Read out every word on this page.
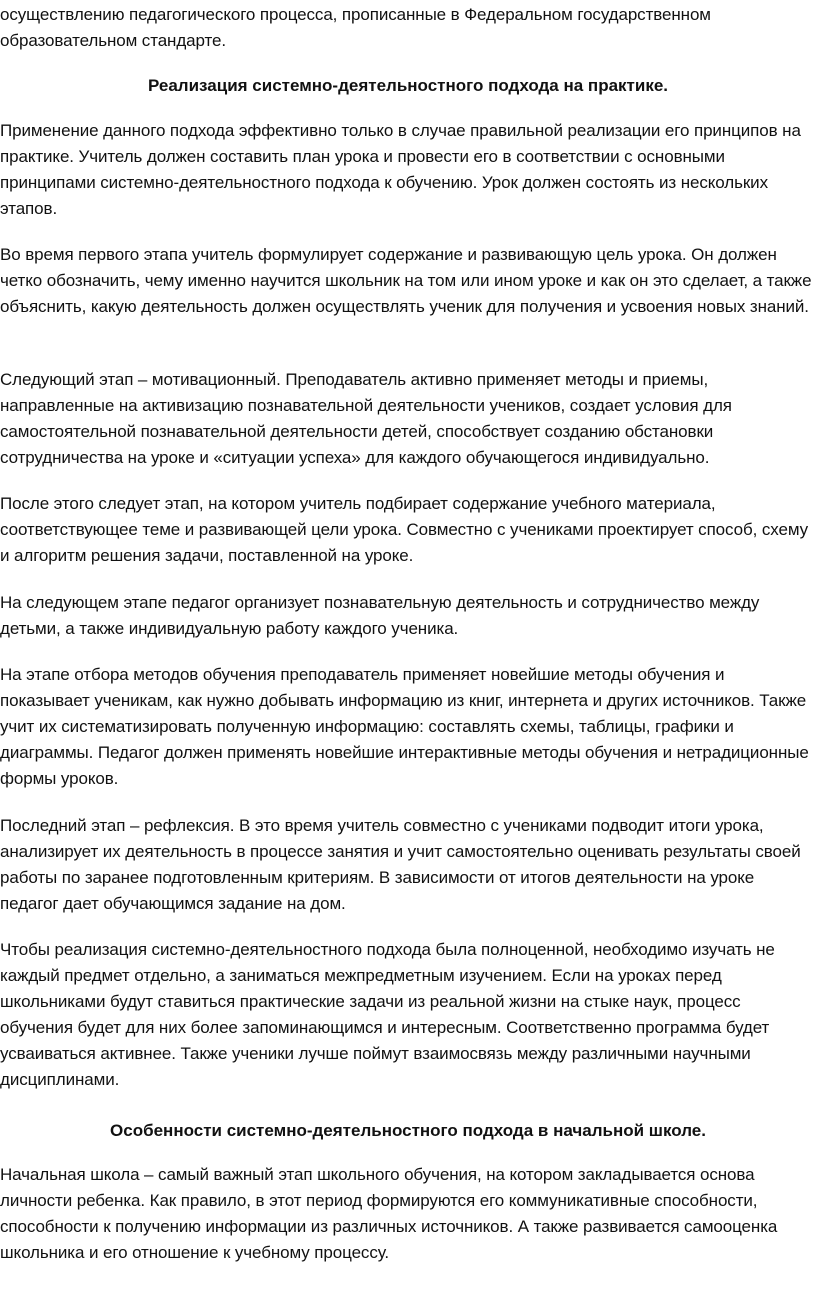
осуществлению педагогического процесса, прописанные в Федеральном государственном образовательном стандарте.

Реализация системно-деятельностного подхода на практике.

Применение данного подхода эффективно только в случае правильной реализации его принципов на практике. Учитель должен составить план урока и провести его в соответствии с основными принципами системно-деятельностного подхода к обучению. Урок должен состоять из нескольких этапов.

Во время первого этапа учитель формулирует содержание и развивающую цель урока. Он должен четко обозначить, чему именно научится школьник на том или ином уроке и как он это сделает, а также объяснить, какую деятельность должен осуществлять ученик для получения и усвоения новых знаний.

Следующий этап – мотивационный. Преподаватель активно применяет методы и приемы, направленные на активизацию познавательной деятельности учеников, создает условия для самостоятельной познавательной деятельности детей, способствует созданию обстановки сотрудничества на уроке и «ситуации успеха» для каждого обучающегося индивидуально.

После этого следует этап, на котором учитель подбирает содержание учебного материала, соответствующее теме и развивающей цели урока. Совместно с учениками проектирует способ, схему и алгоритм решения задачи, поставленной на уроке.

На следующем этапе педагог организует познавательную деятельность и сотрудничество между детьми, а также индивидуальную работу каждого ученика.

На этапе отбора методов обучения преподаватель применяет новейшие методы обучения и показывает ученикам, как нужно добывать информацию из книг, интернета и других источников. Также учит их систематизировать полученную информацию: составлять схемы, таблицы, графики и диаграммы. Педагог должен применять новейшие интерактивные методы обучения и нетрадиционные формы уроков.

Последний этап – рефлексия. В это время учитель совместно с учениками подводит итоги урока, анализирует их деятельность в процессе занятия и учит самостоятельно оценивать результаты своей работы по заранее подготовленным критериям. В зависимости от итогов деятельности на уроке педагог дает обучающимся задание на дом.

Чтобы реализация системно-деятельностного подхода была полноценной, необходимо изучать не каждый предмет отдельно, а заниматься межпредметным изучением. Если на уроках перед школьниками будут ставиться практические задачи из реальной жизни на стыке наук, процесс обучения будет для них более запоминающимся и интересным. Соответственно программа будет усваиваться активнее. Также ученики лучше поймут взаимосвязь между различными научными дисциплинами.

Особенности системно-деятельностного подхода в начальной школе.

Начальная школа – самый важный этап школьного обучения, на котором закладывается основа личности ребенка. Как правило, в этот период формируются его коммуникативные способности, способности к получению информации из различных источников. А также развивается самооценка школьника и его отношение к учебному процессу.
